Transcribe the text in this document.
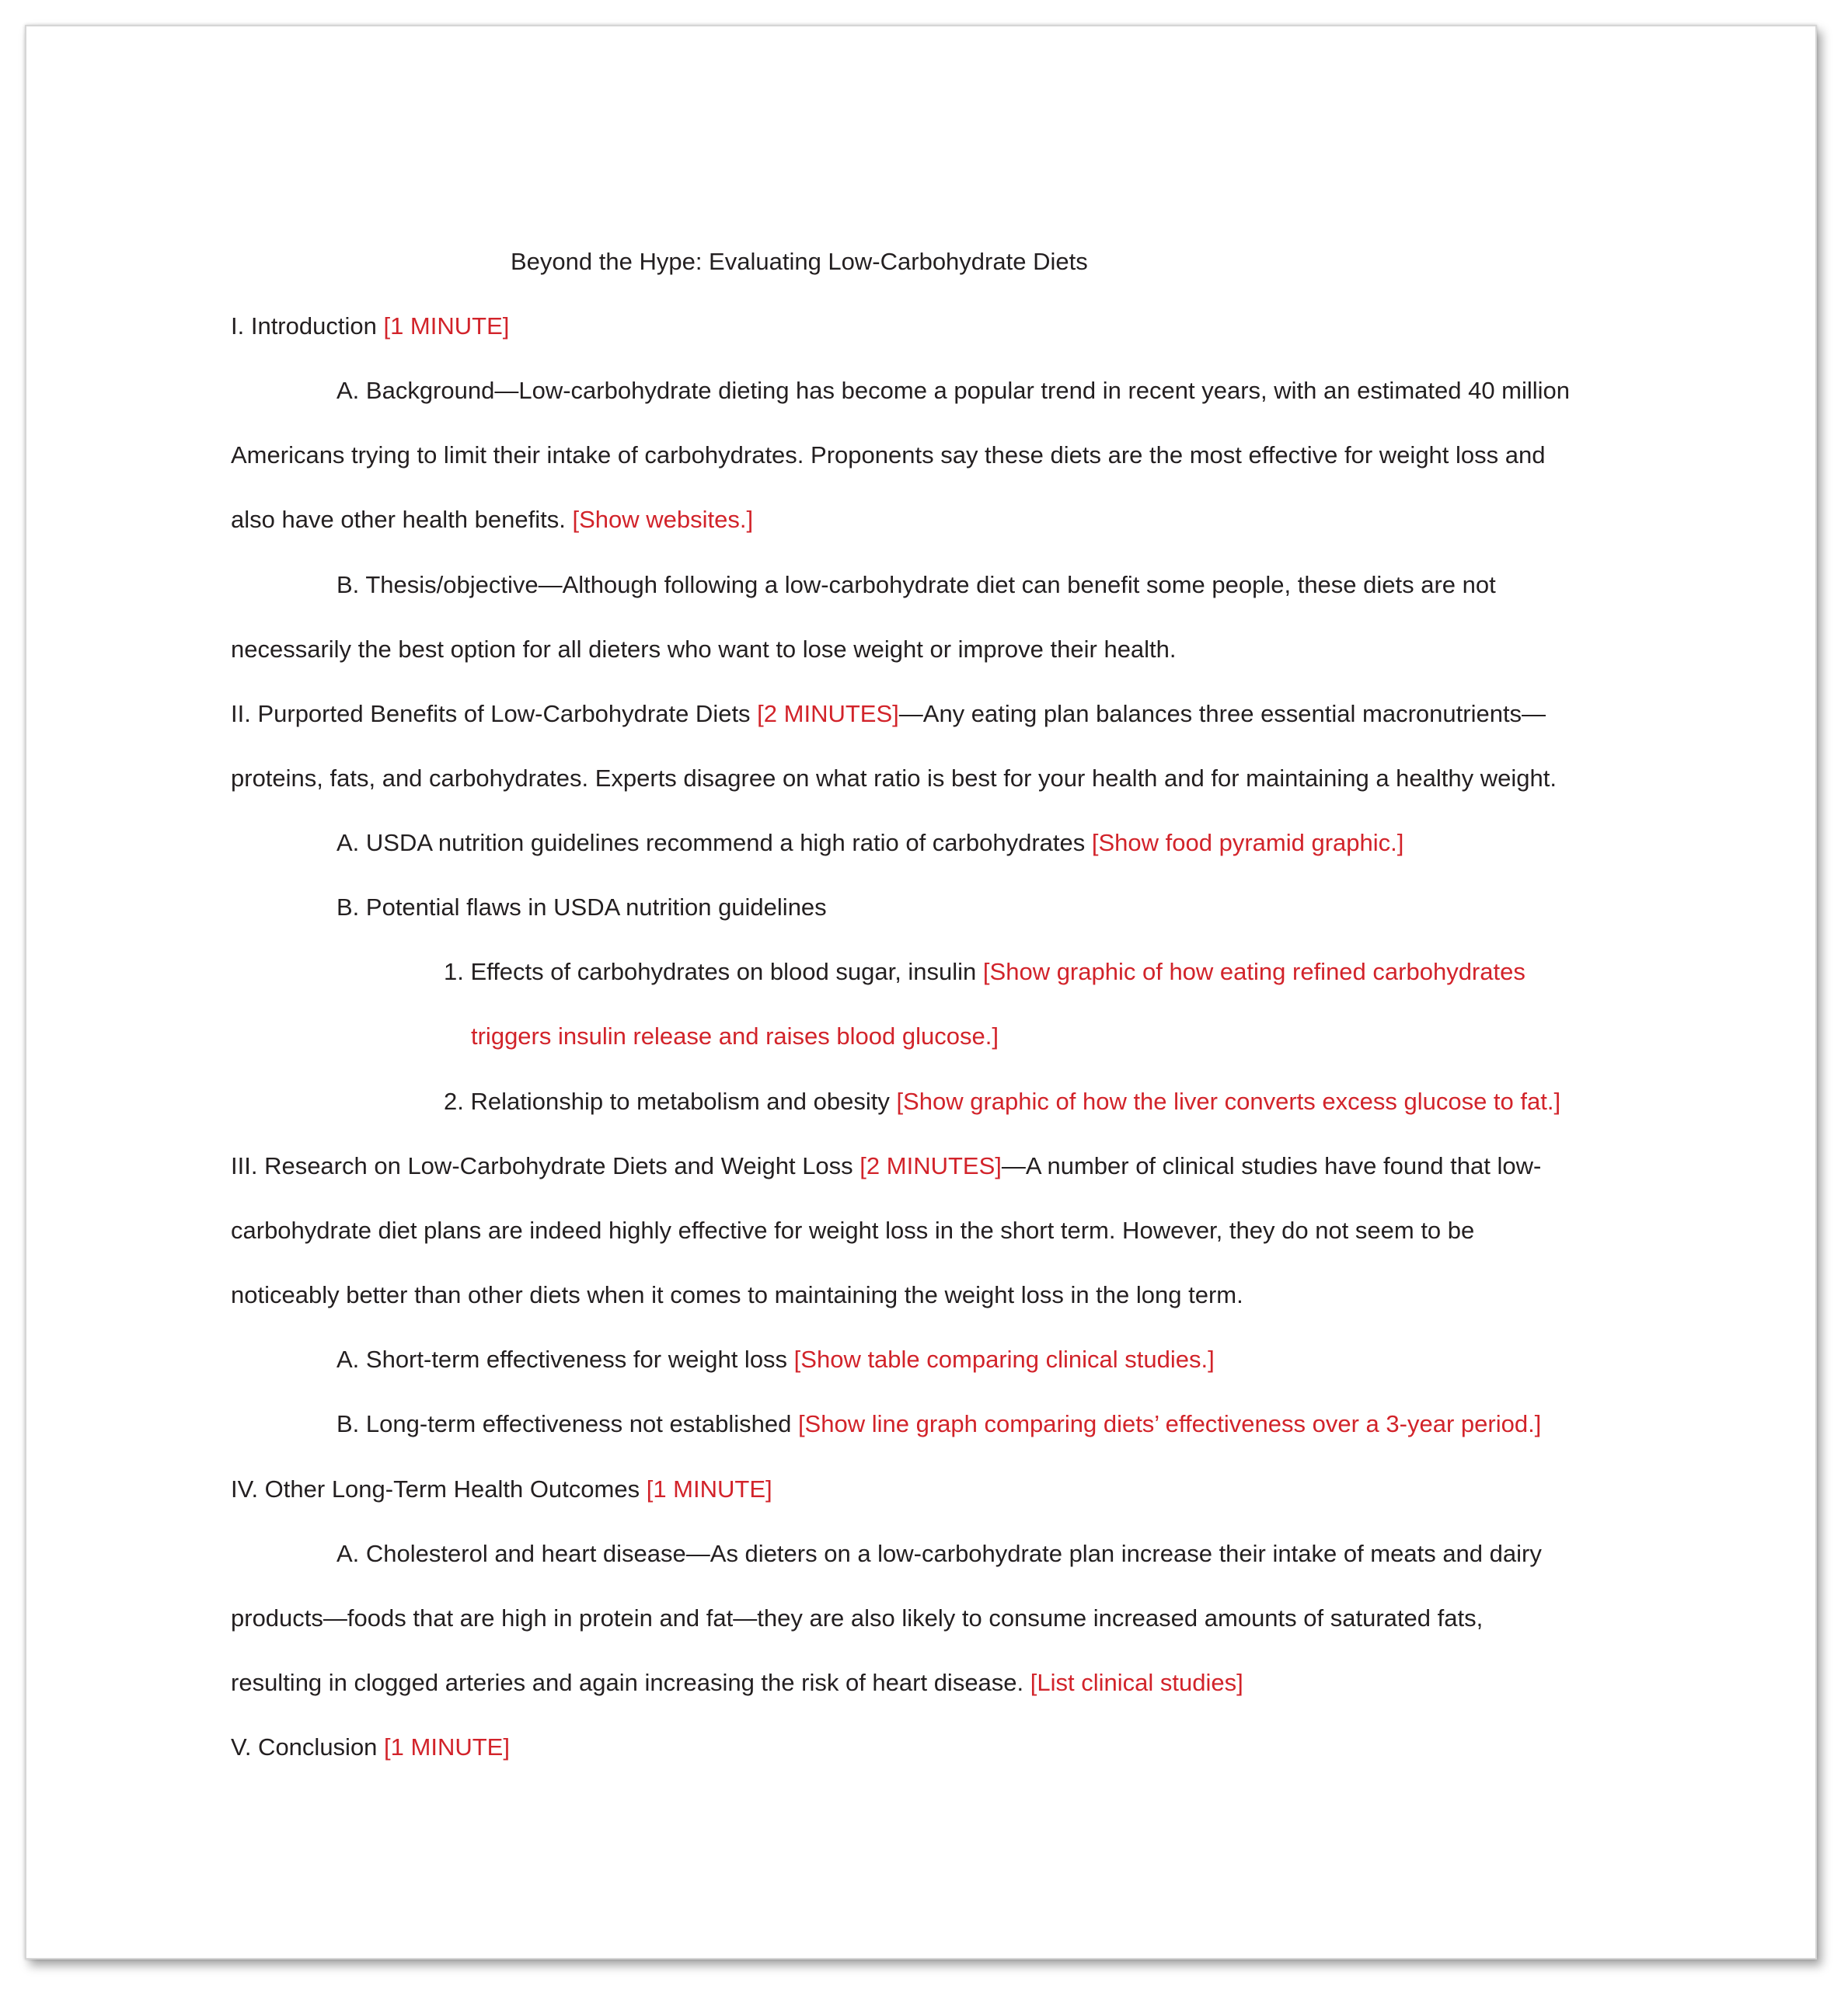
Beyond the Hype: Evaluating Low-Carbohydrate Diets
I. Introduction [1 MINUTE]
A. Background—Low-carbohydrate dieting has become a popular trend in recent years, with an estimated 40 million
Americans trying to limit their intake of carbohydrates. Proponents say these diets are the most effective for weight loss and
also have other health benefits. [Show websites.]
B. Thesis/objective—Although following a low-carbohydrate diet can benefit some people, these diets are not
necessarily the best option for all dieters who want to lose weight or improve their health.
II. Purported Benefits of Low-Carbohydrate Diets [2 MINUTES]—Any eating plan balances three essential macronutrients—
proteins, fats, and carbohydrates. Experts disagree on what ratio is best for your health and for maintaining a healthy weight.
A. USDA nutrition guidelines recommend a high ratio of carbohydrates [Show food pyramid graphic.]
B. Potential flaws in USDA nutrition guidelines
1. Effects of carbohydrates on blood sugar, insulin [Show graphic of how eating refined carbohydrates
triggers insulin release and raises blood glucose.]
2. Relationship to metabolism and obesity [Show graphic of how the liver converts excess glucose to fat.]
III. Research on Low-Carbohydrate Diets and Weight Loss [2 MINUTES]—A number of clinical studies have found that low-
carbohydrate diet plans are indeed highly effective for weight loss in the short term. However, they do not seem to be
noticeably better than other diets when it comes to maintaining the weight loss in the long term.
A. Short-term effectiveness for weight loss [Show table comparing clinical studies.]
B. Long-term effectiveness not established [Show line graph comparing diets’ effectiveness over a 3-year period.]
IV. Other Long-Term Health Outcomes [1 MINUTE]
A. Cholesterol and heart disease—As dieters on a low-carbohydrate plan increase their intake of meats and dairy
products—foods that are high in protein and fat—they are also likely to consume increased amounts of saturated fats,
resulting in clogged arteries and again increasing the risk of heart disease. [List clinical studies]
V. Conclusion [1 MINUTE]
